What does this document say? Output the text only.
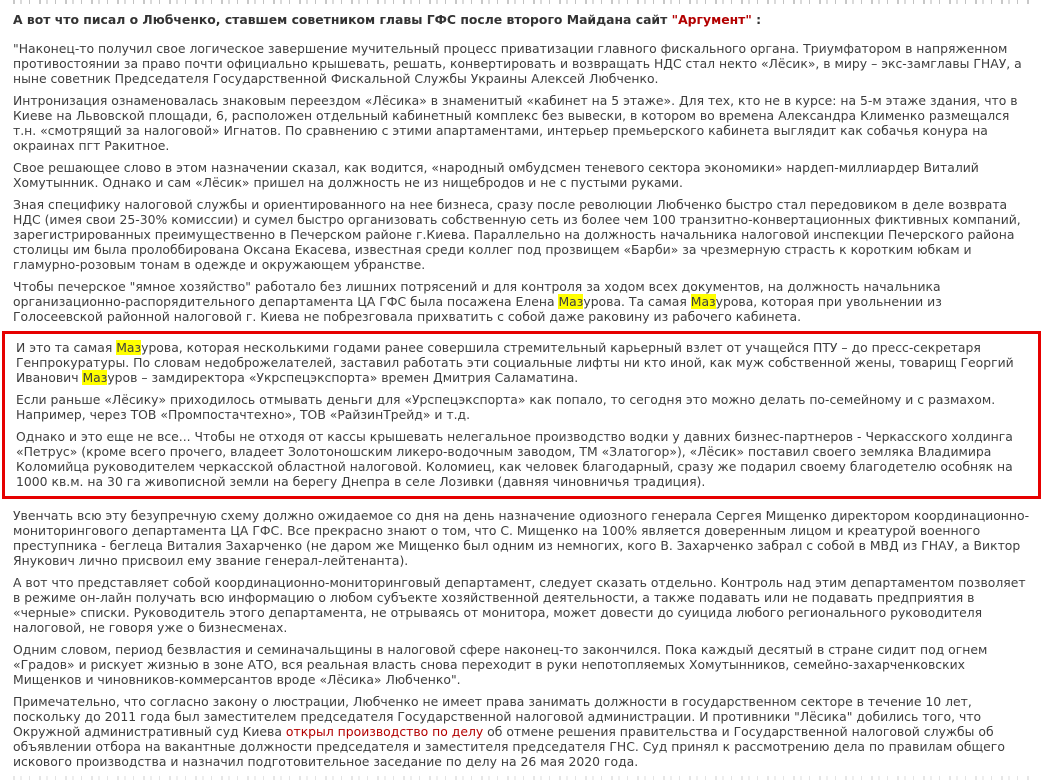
А вот что писал о Любченко, ставшем советником главы ГФС после второго Майдана сайт "Аргумент" :

"Наконец-то получил свое логическое завершение мучительный процесс приватизации главного фискального органа. Триумфатором в напряженном противостоянии за право почти официально крышевать, решать, конвертировать и возвращать НДС стал некто «Лёсик», в миру – экс-замглавы ГНАУ, а ныне советник Председателя Государственной Фискальной Службы Украины Алексей Любченко.

Интронизация ознаменовалась знаковым переездом «Лёсика» в знаменитый «кабинет на 5 этаже». Для тех, кто не в курсе: на 5-м этаже здания, что в Киеве на Львовской площади, 6, расположен отдельный кабинетный комплекс без вывески, в котором во времена Александра Клименко размещался т.н. «смотрящий за налоговой» Игнатов. По сравнению с этими апартаментами, интерьер премьерского кабинета выглядит как собачья конура на окраинах пгт Ракитное.

Свое решающее слово в этом назначении сказал, как водится, «народный омбудсмен теневого сектора экономики» нардеп-миллиардер Виталий Хомутынник. Однако и сам «Лёсик» пришел на должность не из нищебродов и не с пустыми руками.

Зная специфику налоговой службы и ориентированного на нее бизнеса, сразу после революции Любченко быстро стал передовиком в деле возврата НДС (имея свои 25-30% комиссии) и сумел быстро организовать собственную сеть из более чем 100 транзитно-конвертационных фиктивных компаний, зарегистрированных преимущественно в Печерском районе г.Киева. Параллельно на должность начальника налоговой инспекции Печерского района столицы им была пролоббирована Оксана Екасева, известная среди коллег под прозвищем «Барби» за чрезмерную страсть к коротким юбкам и гламурно-розовым тонам в одежде и окружающем убранстве.

Чтобы печерское "ямное хозяйство" работало без лишних потрясений и для контроля за ходом всех документов, на должность начальника организационно-распорядительного департамента ЦА ГФС была посажена Елена Мазурова. Та самая Мазурова, которая при увольнении из Голосеевской районной налоговой г. Киева не побрезговала прихватить с собой даже раковину из рабочего кабинета.

И это та самая Мазурова, которая несколькими годами ранее совершила стремительный карьерный взлет от учащейся ПТУ – до пресс-секретаря Генпрокуратуры. По словам недоброжелателей, заставил работать эти социальные лифты ни кто иной, как муж собственной жены, товарищ Георгий Иванович Мазуров – замдиректора «Укрспецэкспорта» времен Дмитрия Саламатина.

Если раньше «Лёсику» приходилось отмывать деньги для «Урспецэкспорта» как попало, то сегодня это можно делать по-семейному и с размахом. Например, через ТОВ «Промпостачтехно», ТОВ «РайзинТрейд» и т.д.

Однако и это еще не все... Чтобы не отходя от кассы крышевать нелегальное производство водки у давних бизнес-партнеров - Черкасского холдинга «Петрус» (кроме всего прочего, владеет Золотоношским ликеро-водочным заводом, ТМ «Златогор»), «Лёсик» поставил своего земляка Владимира Коломийца руководителем черкасской областной налоговой. Коломиец, как человек благодарный, сразу же подарил своему благодетелю особняк на 1000 кв.м. на 30 га живописной земли на берегу Днепра в селе Лозивки (давняя чиновничья традиция).

Увенчать всю эту безупречную схему должно ожидаемое со дня на день назначение одиозного генерала Сергея Мищенко директором координационно-мониторингового департамента ЦА ГФС. Все прекрасно знают о том, что С. Мищенко на 100% является доверенным лицом и креатурой военного преступника - беглеца Виталия Захарченко (не даром же Мищенко был одним из немногих, кого В. Захарченко забрал с собой в МВД из ГНАУ, а Виктор Янукович лично присвоил ему звание генерал-лейтенанта).

А вот что представляет собой координационно-мониторинговый департамент, следует сказать отдельно. Контроль над этим департаментом позволяет в режиме он-лайн получать всю информацию о любом субъекте хозяйственной деятельности, а также подавать или не подавать предприятия в «черные» списки. Руководитель этого департамента, не отрываясь от монитора, может довести до суицида любого регионального руководителя налоговой, не говоря уже о бизнесменах.

Одним словом, период безвластия и семиначальщины в налоговой сфере наконец-то закончился. Пока каждый десятый в стране сидит под огнем «Градов» и рискует жизнью в зоне АТО, вся реальная власть снова переходит в руки непотопляемых Хомутынников, семейно-захарченковских Мищенков и чиновников-коммерсантов вроде «Лёсика» Любченко".

Примечательно, что согласно закону о люстрации, Любченко не имеет права занимать должности в государственном секторе в течение 10 лет, поскольку до 2011 года был заместителем председателя Государственной налоговой администрации. И противники "Лёсика" добились того, что Окружной административный суд Киева открыл производство по делу об отмене решения правительства и Государственной налоговой службы об объявлении отбора на вакантные должности председателя и заместителя председателя ГНС. Суд принял к рассмотрению дела по правилам общего искового производства и назначил подготовительное заседание по делу на 26 мая 2020 года.
